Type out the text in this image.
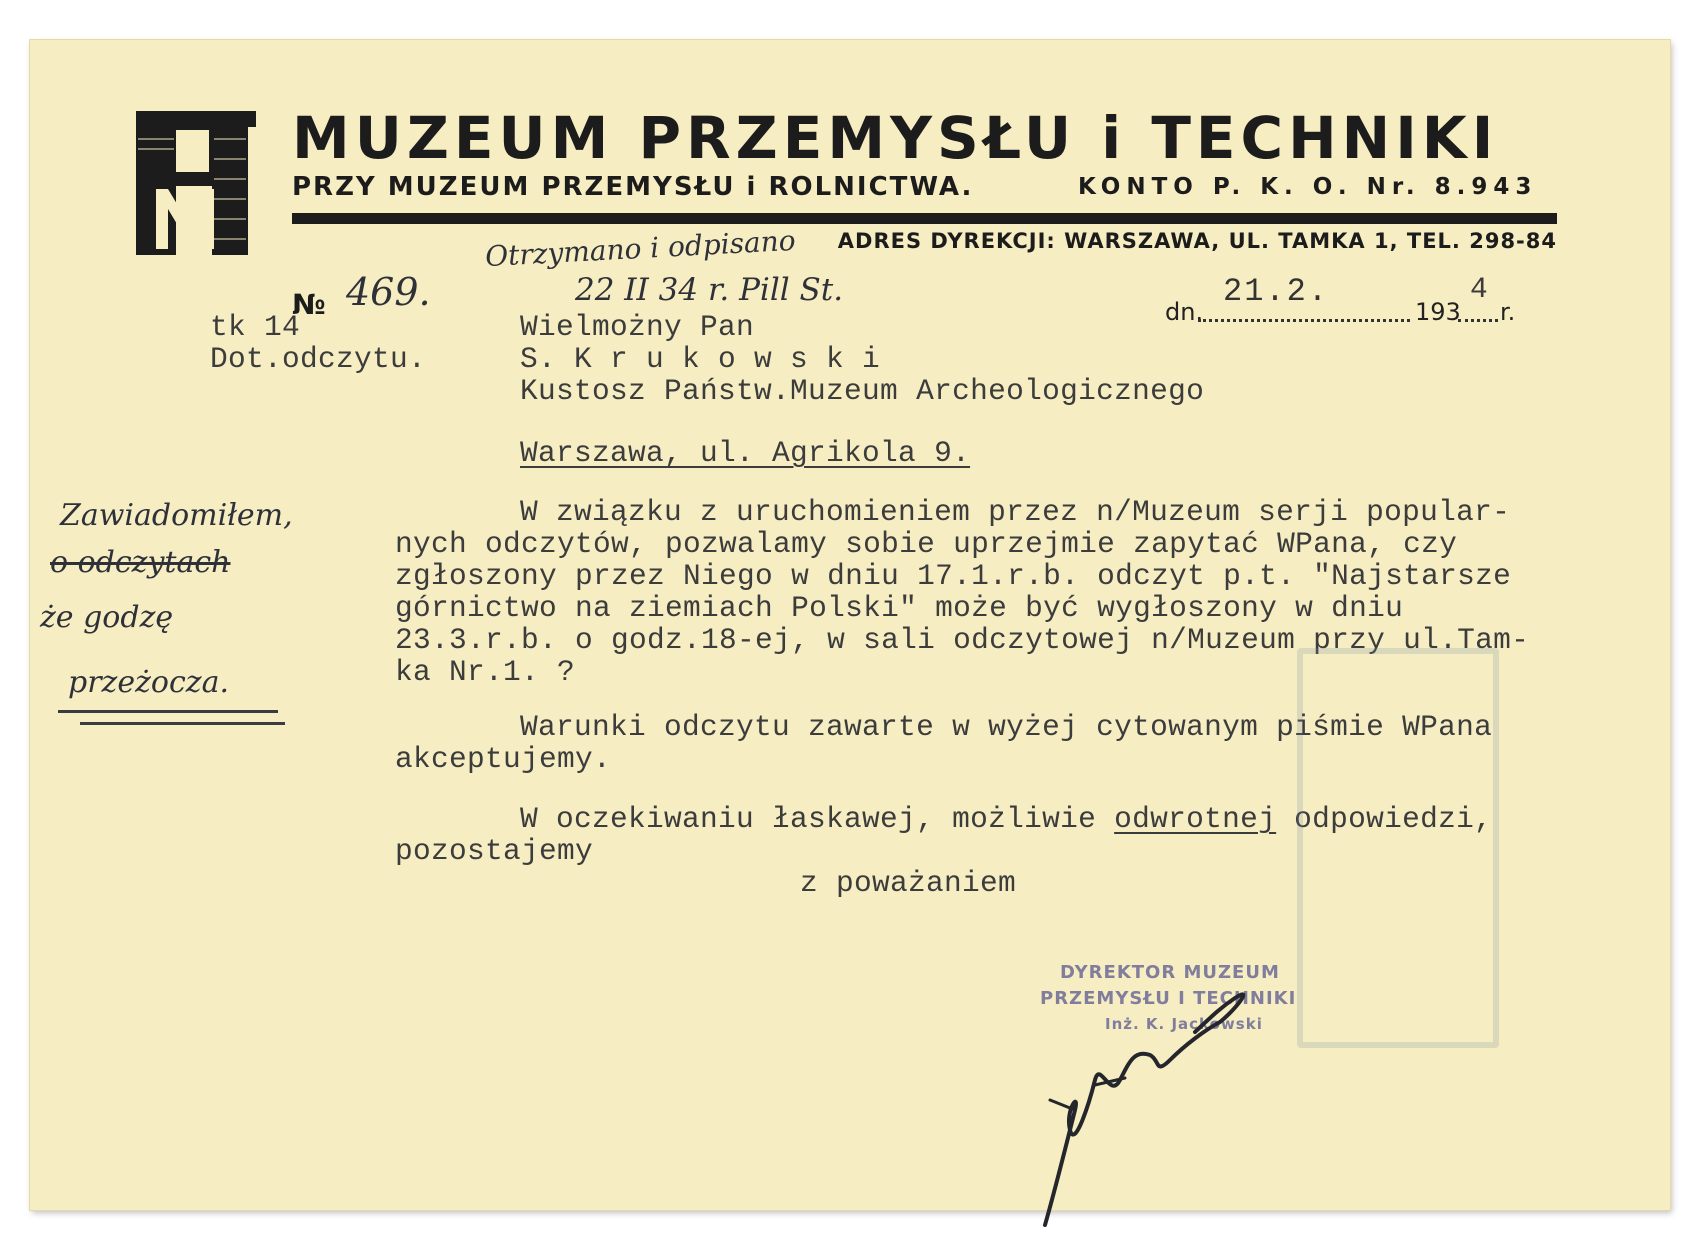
MUZEUM PRZEMYSŁU i TECHNIKI
PRZY MUZEUM PRZEMYSŁU i ROLNICTWA.	KONTO P. K. O. Nr. 8.943
ADRES DYREKCJI: WARSZAWA, UL. TAMKA 1, TEL. 298-84
№ 469.
Otrzymano i odpisano
22 II 34 r. Pill St.
dn.
21.2.
193
4
r.
tk 14
Dot.odczytu.
Wielmożny Pan
S. K r u k o w s k i
Kustosz Państw.Muzeum Archeologicznego
Warszawa, ul. Agrikola 9.
W związku z uruchomieniem przez n/Muzeum serji popular-
nych odczytów, pozwalamy sobie uprzejmie zapytać WPana, czy
zgłoszony przez Niego w dniu 17.1.r.b. odczyt p.t. "Najstarsze
górnictwo na ziemiach Polski" może być wygłoszony w dniu
23.3.r.b. o godz.18-ej, w sali odczytowej n/Muzeum przy ul.Tam-
ka Nr.1. ?
Warunki odczytu zawarte w wyżej cytowanym piśmie WPana
akceptujemy.
W oczekiwaniu łaskawej, możliwie odwrotnej odpowiedzi,
pozostajemy
z poważaniem
Zawiadomiłem,
o odczytach
że godzę
przeżocza.
DYREKTOR MUZEUM
PRZEMYSŁU I TECHNIKI
Inż. K. Jackowski
